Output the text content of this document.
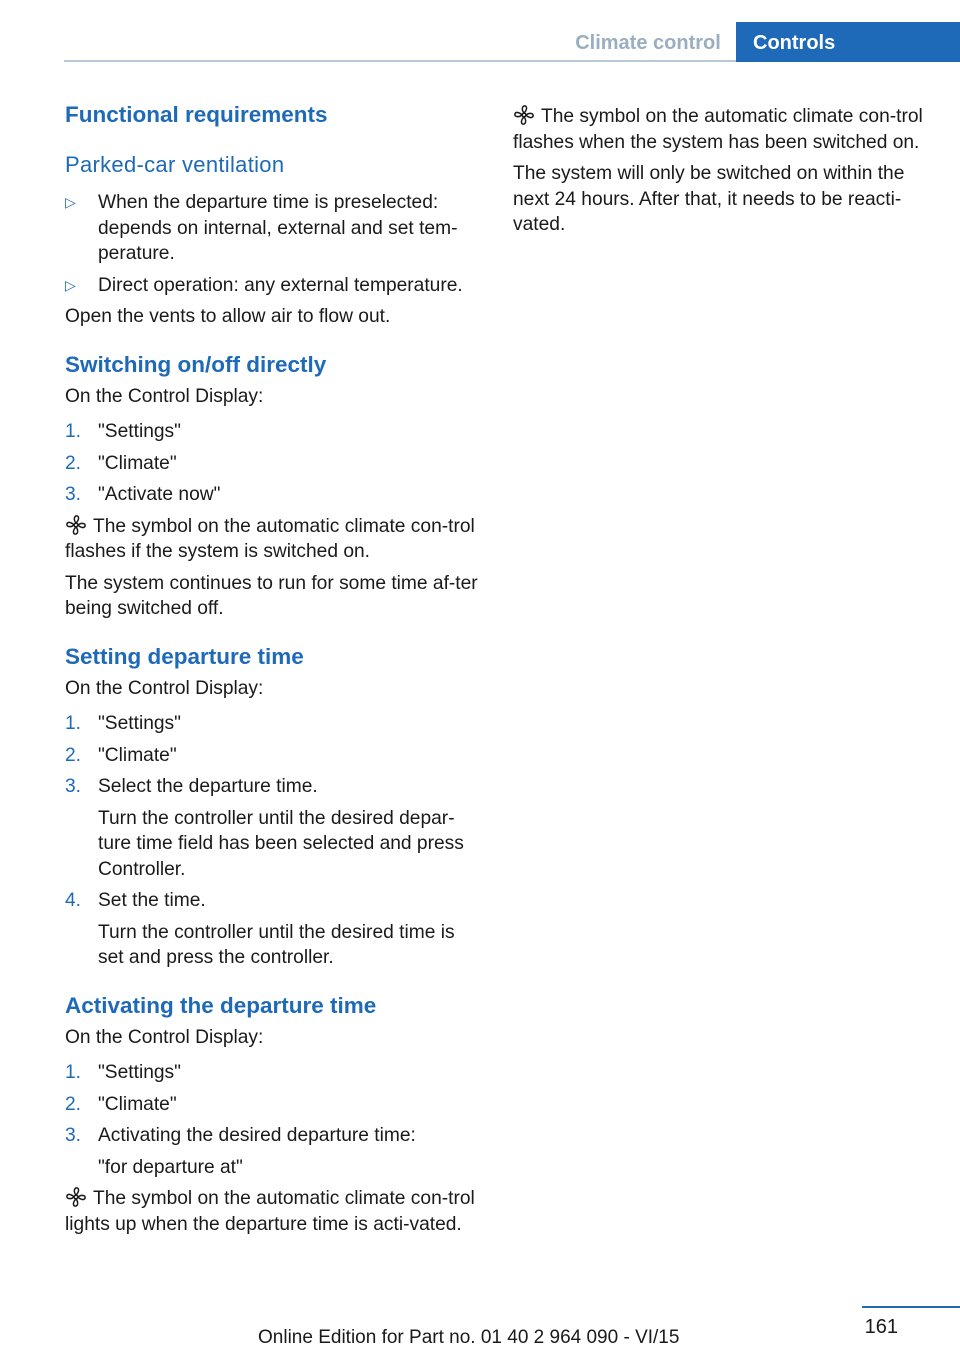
Climate control	Controls
Functional requirements
Parked-car ventilation
▷ When the departure time is preselected: depends on internal, external and set tem-perature.
▷ Direct operation: any external temperature.

Open the vents to allow air to flow out.

Switching on/off directly

On the Control Display:

1. "Settings"
2. "Climate"
3. "Activate now"

The symbol on the automatic climate con-trol flashes if the system is switched on.

The system continues to run for some time af-ter being switched off.

Setting departure time

On the Control Display:

1. "Settings"
2. "Climate"
3. Select the departure time.
Turn the controller until the desired depar-ture time field has been selected and press Controller.
4. Set the time.
Turn the controller until the desired time is set and press the controller.
Activating the departure time

On the Control Display:

1. "Settings"
2. "Climate"
3. Activating the desired departure time:
"for departure at"

The symbol on the automatic climate con-trol lights up when the departure time is acti-vated.

The symbol on the automatic climate con-trol flashes when the system has been switched on.

The system will only be switched on within the next 24 hours. After that, it needs to be reacti-vated.

161
Online Edition for Part no. 01 40 2 964 090 - VI/15
